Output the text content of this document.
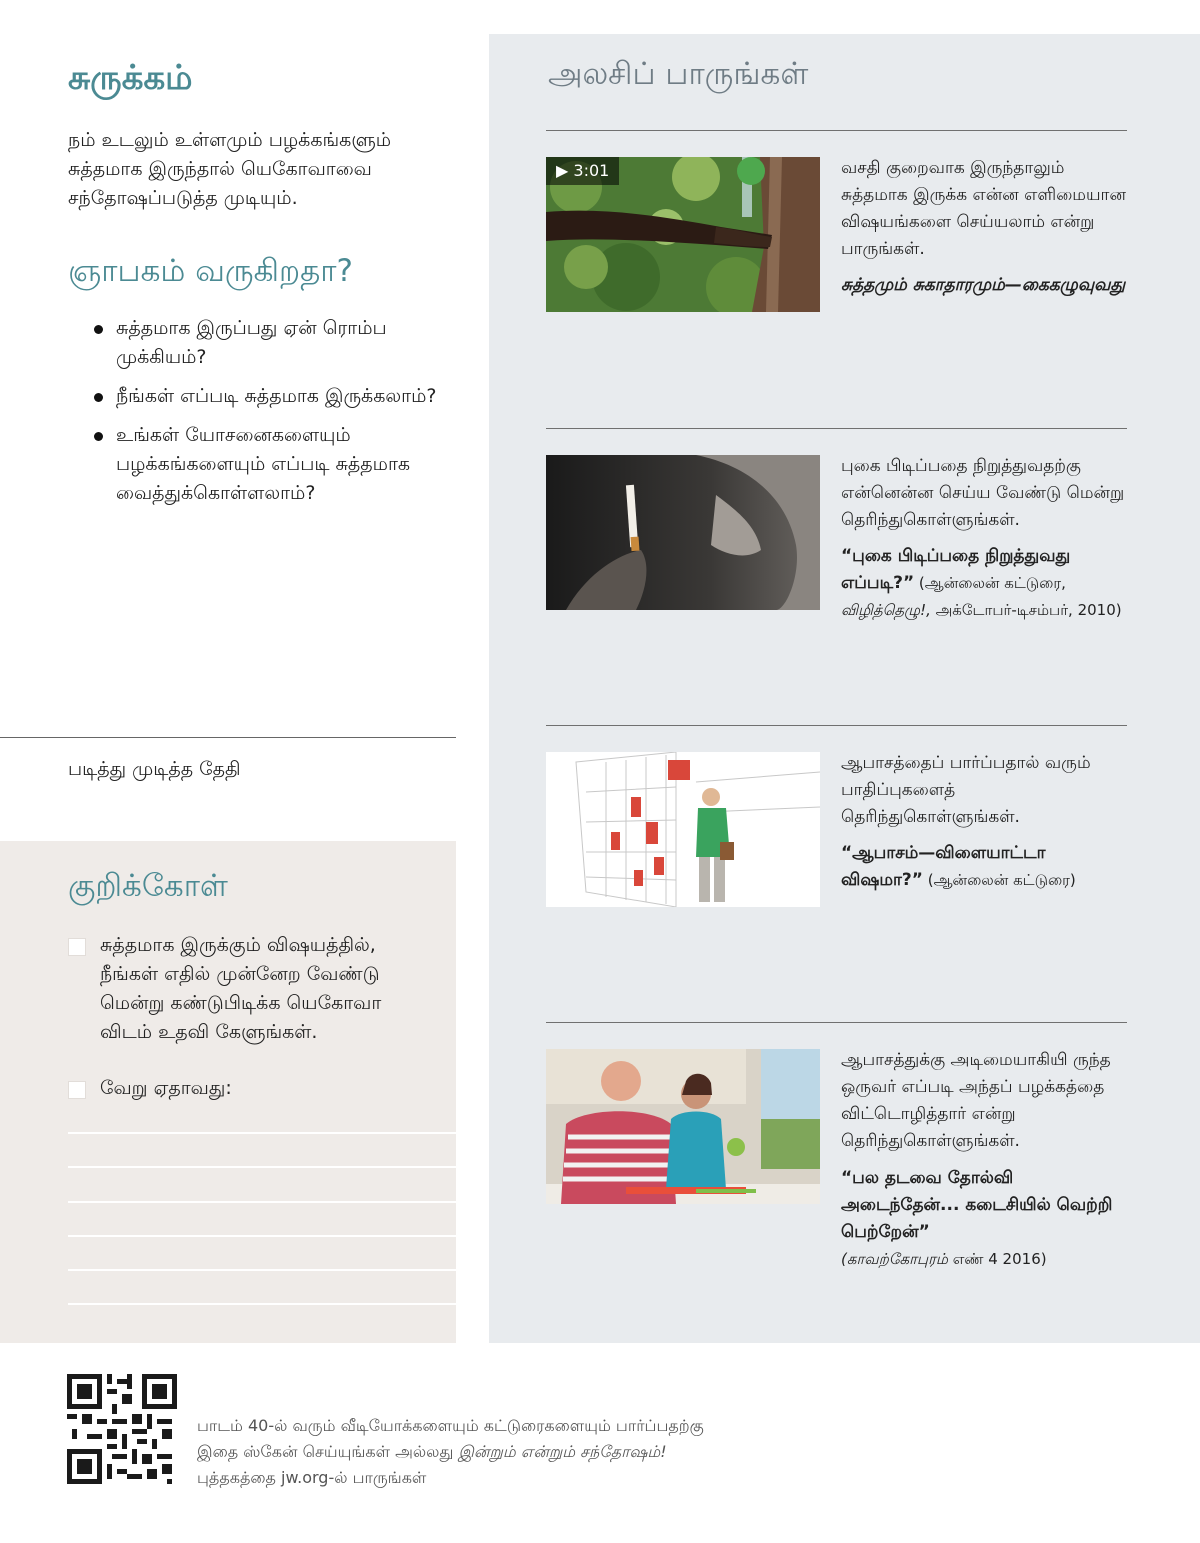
சுருக்கம்
நம் உடலும் உள்ளமும் பழக்கங்களும் சுத்தமாக இருந்தால் யெகோவாவை சந்தோஷப்படுத்த முடியும்.
ஞாபகம் வருகிறதா?
சுத்தமாக இருப்பது ஏன் ரொம்ப முக்கியம்?
நீங்கள் எப்படி சுத்தமாக இருக்கலாம்?
உங்கள் யோசனைகளையும் பழக்கங்களையும் எப்படி சுத்தமாக வைத்துக்கொள்ளலாம்?
படித்து முடித்த தேதி
குறிக்கோள்
சுத்தமாக இருக்கும் விஷயத்தில், நீங்கள் எதில் முன்னேற வேண்டு மென்று கண்டுபிடிக்க யெகோவா விடம் உதவி கேளுங்கள்.
வேறு ஏதாவது:
அலசிப் பாருங்கள்
▶ 3:01	வசதி குறைவாக இருந்தாலும் சுத்தமாக இருக்க என்ன எளிமையான விஷயங்களை செய்யலாம் என்று பாருங்கள்.
சுத்தமும் சுகாதாரமும்—கைகழுவுவது
புகை பிடிப்பதை நிறுத்துவதற்கு என்னென்ன செய்ய வேண்டு மென்று தெரிந்துகொள்ளுங்கள்.
“புகை பிடிப்பதை நிறுத்துவது எப்படி?” (ஆன்லைன் கட்டுரை, விழித்தெழு!, அக்டோபர்-டிசம்பர், 2010)
ஆபாசத்தைப் பார்ப்பதால் வரும் பாதிப்புகளைத் தெரிந்துகொள்ளுங்கள்.
“ஆபாசம்—விளையாட்டா விஷமா?” (ஆன்லைன் கட்டுரை)
ஆபாசத்துக்கு அடிமையாகியி ருந்த ஒருவர் எப்படி அந்தப் பழக்கத்தை விட்டொழித்தார் என்று தெரிந்துகொள்ளுங்கள்.
“பல தடவை தோல்வி அடைந்தேன்... கடைசியில் வெற்றி பெற்றேன்”
(காவற்கோபுரம் எண் 4 2016)
பாடம் 40-ல் வரும் வீடியோக்களையும் கட்டுரைகளையும் பார்ப்பதற்கு இதை ஸ்கேன் செய்யுங்கள் அல்லது இன்றும் என்றும் சந்தோஷம்! புத்தகத்தை jw.org-ல் பாருங்கள்
